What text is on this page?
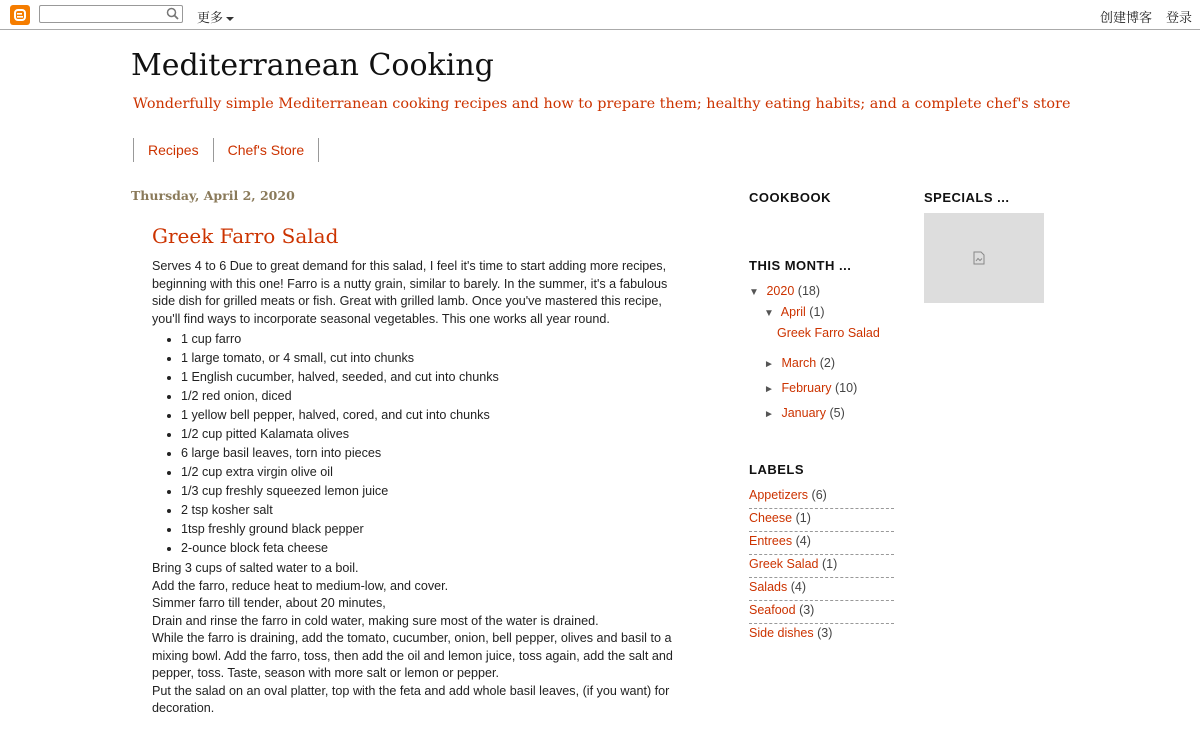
更多	创建博客 登录
Mediterranean Cooking
Wonderfully simple Mediterranean cooking recipes and how to prepare them; healthy eating habits; and a complete chef's store
Recipes	Chef's Store
Thursday, April 2, 2020
Greek Farro Salad

Serves 4 to 6 Due to great demand for this salad, I feel it's time to start adding more recipes, beginning with this one! Farro is a nutty grain, similar to barely. In the summer, it's a fabulous side dish for grilled meats or fish. Great with grilled lamb. Once you've mastered this recipe, you'll find ways to incorporate seasonal vegetables. This one works all year round.

• 1 cup farro
• 1 large tomato, or 4 small, cut into chunks
• 1 English cucumber, halved, seeded, and cut into chunks
• 1/2 red onion, diced
• 1 yellow bell pepper, halved, cored, and cut into chunks
• 1/2 cup pitted Kalamata olives
• 6 large basil leaves, torn into pieces
• 1/2 cup extra virgin olive oil
• 1/3 cup freshly squeezed lemon juice
• 2 tsp kosher salt
• 1tsp freshly ground black pepper
• 2-ounce block feta cheese
Bring 3 cups of salted water to a boil.
Add the farro, reduce heat to medium-low, and cover.
Simmer farro till tender, about 20 minutes,
Drain and rinse the farro in cold water, making sure most of the water is drained.
While the farro is draining, add the tomato, cucumber, onion, bell pepper, olives and basil to a mixing bowl. Add the farro, toss, then add the oil and lemon juice, toss again, add the salt and pepper, toss. Taste, season with more salt or lemon or pepper.
Put the salad on an oval platter, top with the feta and add whole basil leaves, (if you want) for decoration.
COOKBOOK
THIS MONTH ...
▼ 2020 (18)
▼ April (1)
Greek Farro Salad
► March (2)
► February (10)
► January (5)
LABELS
Appetizers (6)
Cheese (1)
Entrees (4)
Greek Salad (1)
Salads (4)
Seafood (3)
Side dishes (3)
SPECIALS ...
